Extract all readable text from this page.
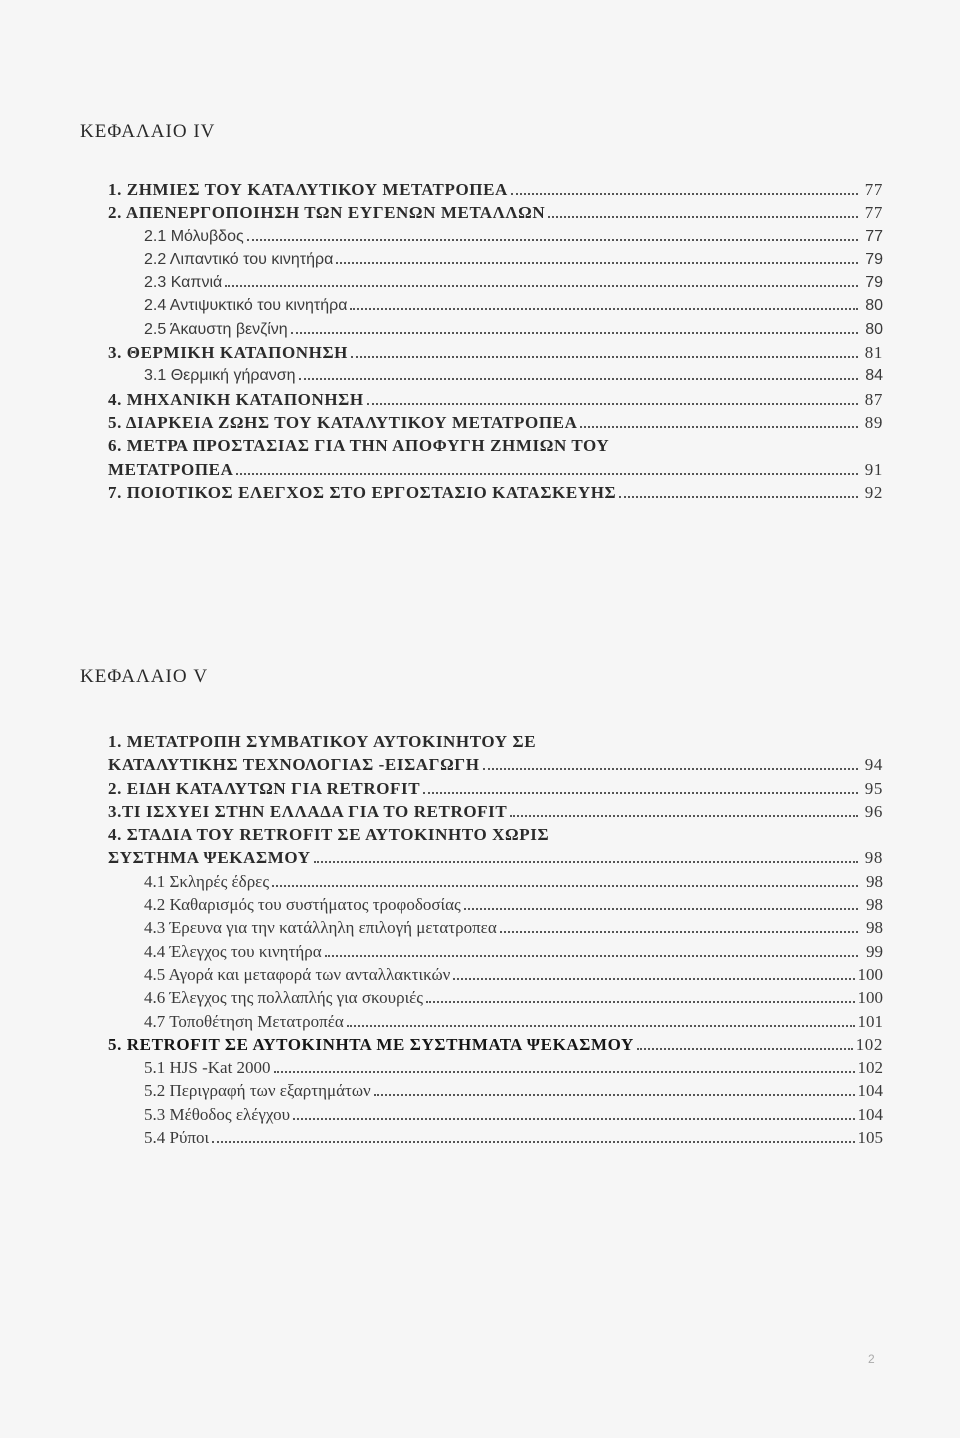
ΚΕΦΑΛΑΙΟ IV
1. ΖΗΜΙΕΣ ΤΟΥ ΚΑΤΑΛΥΤΙΚΟΥ ΜΕΤΑΤΡΟΠΕΑ	77
2. ΑΠΕΝΕΡΓΟΠΟΙΗΣΗ ΤΩΝ ΕΥΓΕΝΩΝ ΜΕΤΑΛΛΩΝ	77
2.1 Μόλυβδος	77
2.2 Λιπαντικό του κινητήρα	79
2.3 Καπνιά	79
2.4 Αντιψυκτικό του κινητήρα	80
2.5 Άκαυστη βενζίνη	80
3. ΘΕΡΜΙΚΗ ΚΑΤΑΠΟΝΗΣΗ	81
3.1 Θερμική γήρανση	84
4. ΜΗΧΑΝΙΚΗ ΚΑΤΑΠΟΝΗΣΗ	87
5. ΔΙΑΡΚΕΙΑ ΖΩΗΣ ΤΟΥ ΚΑΤΑΛΥΤΙΚΟΥ ΜΕΤΑΤΡΟΠΕΑ	89
6. ΜΕΤΡΑ ΠΡΟΣΤΑΣΙΑΣ ΓΙΑ ΤΗΝ ΑΠΟΦΥΓΗ ΖΗΜΙΩΝ ΤΟΥ
ΜΕΤΑΤΡΟΠΕΑ	91
7. ΠΟΙΟΤΙΚΟΣ ΕΛΕΓΧΟΣ ΣΤΟ ΕΡΓΟΣΤΑΣΙΟ ΚΑΤΑΣΚΕΥΗΣ	92
ΚΕΦΑΛΑΙΟ V
1. ΜΕΤΑΤΡΟΠΗ ΣΥΜΒΑΤΙΚΟΥ ΑΥΤΟΚΙΝΗΤΟΥ ΣΕ
ΚΑΤΑΛΥΤΙΚΗΣ ΤΕΧΝΟΛΟΓΙΑΣ -ΕΙΣΑΓΩΓΗ	94
2. ΕΙΔΗ ΚΑΤΑΛΥΤΩΝ ΓΙΑ RETROFIT	95
3.ΤΙ ΙΣΧΥΕΙ ΣΤΗΝ ΕΛΛΑΔΑ ΓΙΑ ΤΟ RETROFIT	96
4. ΣΤΑΔΙΑ ΤΟΥ RETROFIT ΣΕ ΑΥΤΟΚΙΝΗΤΟ ΧΩΡΙΣ
ΣΥΣΤΗΜΑ ΨΕΚΑΣΜΟΥ	98
4.1 Σκληρές έδρες	98
4.2 Καθαρισμός του συστήματος τροφοδοσίας	98
4.3 Έρευνα για την κατάλληλη επιλογή μετατροπεα	98
4.4 Έλεγχος του κινητήρα	99
4.5 Αγορά και μεταφορά των ανταλλακτικών	100
4.6 Έλεγχος της πολλαπλής για σκουριές	100
4.7 Τοποθέτηση Μετατροπέα	101
5. RETROFIT ΣΕ ΑΥΤΟΚΙΝΗΤΑ ΜΕ ΣΥΣΤΗΜΑΤΑ ΨΕΚΑΣΜΟΥ	102
5.1 HJS -Kat 2000	102
5.2 Περιγραφή των εξαρτημάτων	104
5.3 Μέθοδος ελέγχου	104
5.4 Ρύποι	105
2
